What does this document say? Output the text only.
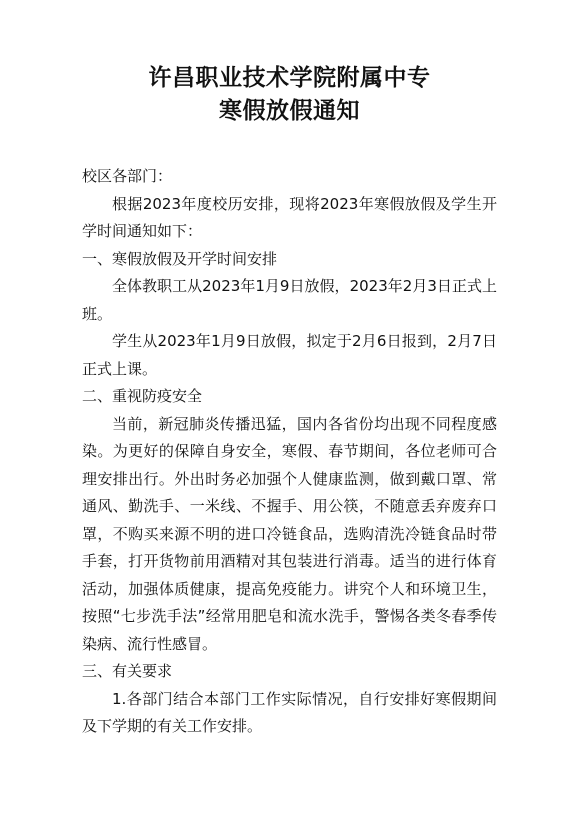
许昌职业技术学院附属中专
寒假放假通知

校区各部门：

根据2023年度校历安排，现将2023年寒假放假及学生开学时间通知如下：

一、寒假放假及开学时间安排

全体教职工从2023年1月9日放假，2023年2月3日正式上班。

学生从2023年1月9日放假，拟定于2月6日报到，2月7日正式上课。

二、重视防疫安全

当前，新冠肺炎传播迅猛，国内各省份均出现不同程度感染。为更好的保障自身安全，寒假、春节期间，各位老师可合理安排出行。外出时务必加强个人健康监测，做到戴口罩、常通风、勤洗手、一米线、不握手、用公筷，不随意丢弃废弃口罩，不购买来源不明的进口冷链食品，选购清洗冷链食品时带手套，打开货物前用酒精对其包装进行消毒。适当的进行体育活动，加强体质健康，提高免疫能力。讲究个人和环境卫生，按照“七步洗手法”经常用肥皂和流水洗手，警惕各类冬春季传染病、流行性感冒。

三、有关要求

1.各部门结合本部门工作实际情况，自行安排好寒假期间及下学期的有关工作安排。
